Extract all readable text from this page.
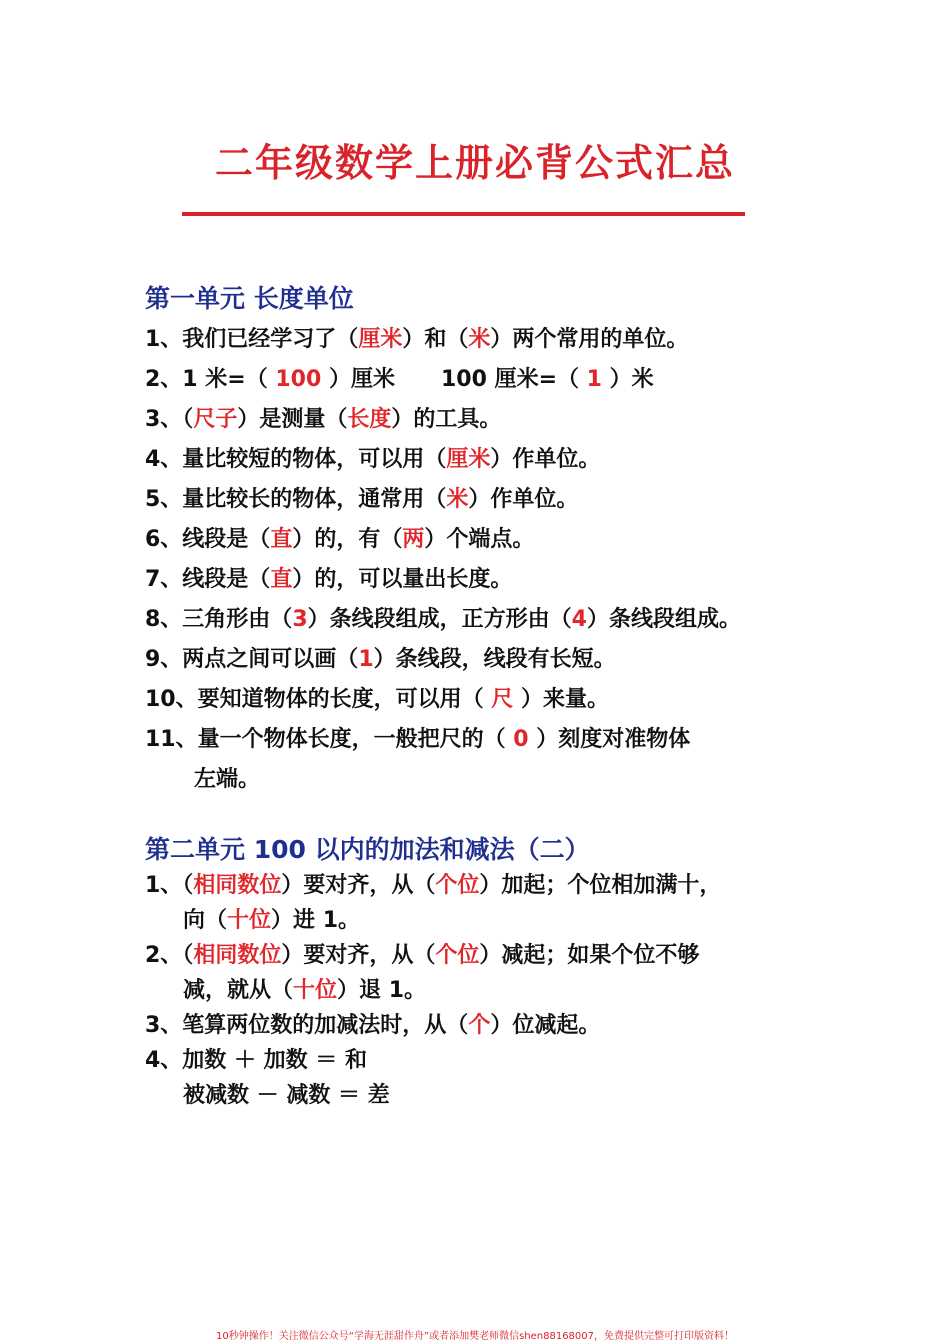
二年级数学上册必背公式汇总
第一单元 长度单位
1、我们已经学习了（厘米）和（米）两个常用的单位。
2、1 米=（ 100 ）厘米 100 厘米=（ 1 ）米
3、（尺子）是测量（长度）的工具。
4、量比较短的物体，可以用（厘米）作单位。
5、量比较长的物体，通常用（米）作单位。
6、线段是（直）的，有（两）个端点。
7、线段是（直）的，可以量出长度。
8、三角形由（3）条线段组成，正方形由（4）条线段组成。
9、两点之间可以画（1）条线段，线段有长短。
10、要知道物体的长度，可以用（ 尺 ）来量。
11、量一个物体长度，一般把尺的（ 0 ）刻度对准物体
左端。
第二单元 100 以内的加法和减法（二）
1、（相同数位）要对齐，从（个位）加起；个位相加满十，
向（十位）进 1。
2、（相同数位）要对齐，从（个位）减起；如果个位不够
减，就从（十位）退 1。
3、笔算两位数的加减法时，从（个）位减起。
4、加数 ＋ 加数 ＝ 和
被减数 － 减数 ＝ 差
10秒钟操作！关注微信公众号“学海无涯甜作舟”或者添加樊老师微信shen88168007，免费提供完整可打印版资料！
